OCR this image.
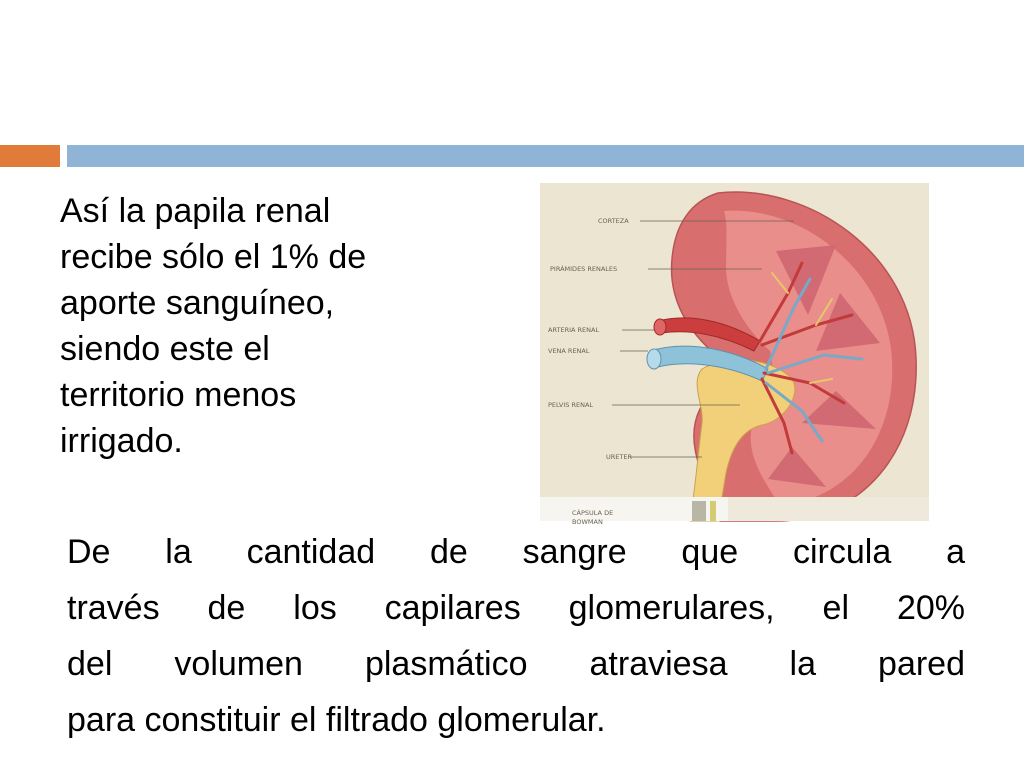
Así la papila renal
recibe sólo el 1% de
aporte sanguíneo,
siendo este el
territorio menos
irrigado.
CORTEZA
PIRÁMIDES RENALES
ARTERIA RENAL
VENA RENAL
PELVIS RENAL
URETER
CÁPSULA DE
BOWMAN
De la cantidad de sangre que circula a
través de los capilares glomerulares, el 20%
del volumen plasmático atraviesa la pared
para constituir el filtrado glomerular.
